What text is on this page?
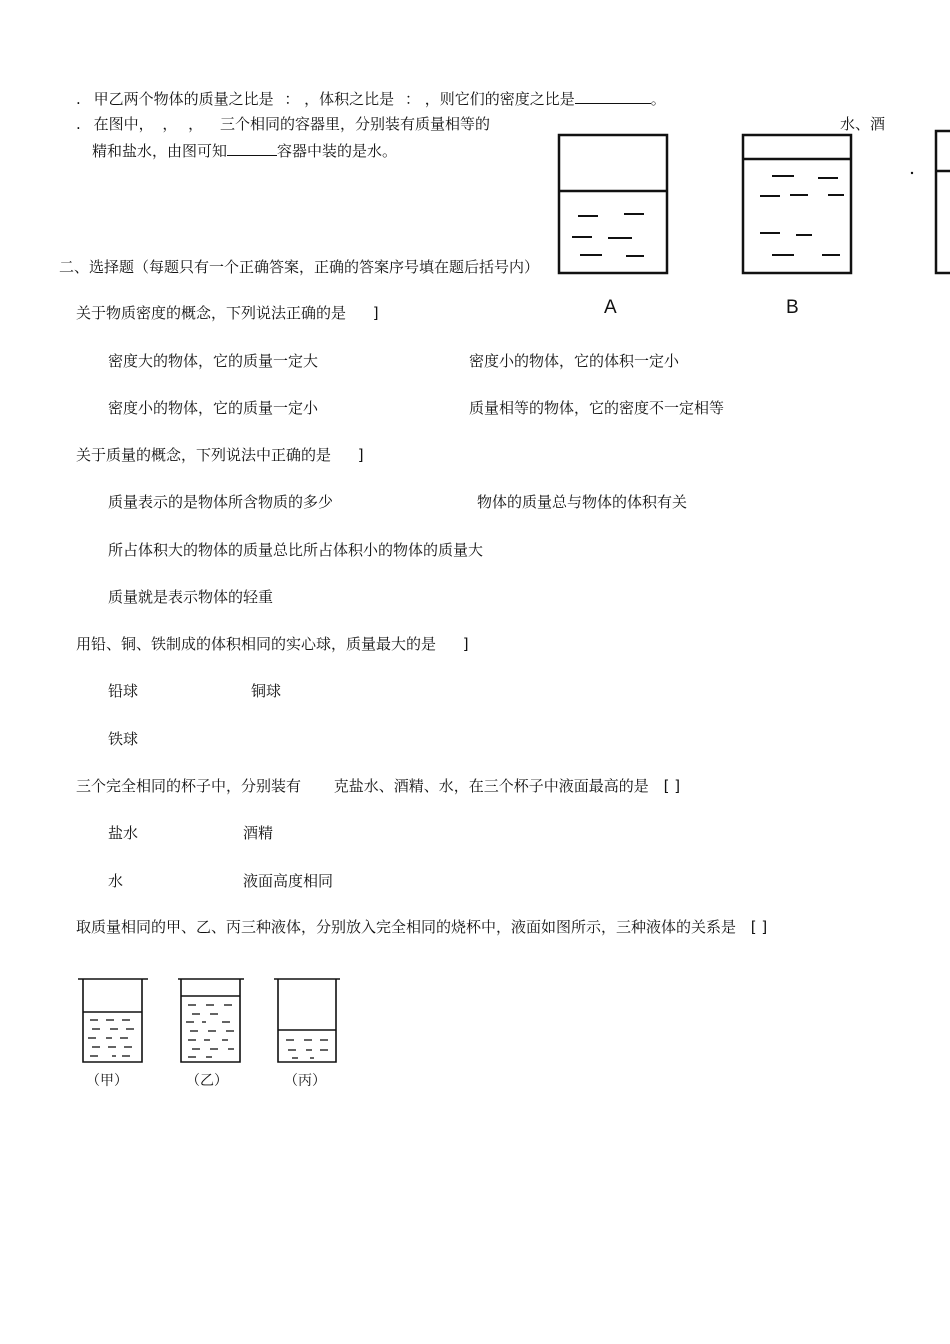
. 甲乙两个物体的质量之比是 ： ，体积之比是 ： ，则它们的密度之比是	。
. 在图中， ， ， 三个相同的容器里，分别装有质量相等的	水、酒
精和盐水，由图可知	容器中装的是水。
A	B
二、选择题（每题只有一个正确答案，正确的答案序号填在题后括号内）
关于物质密度的概念，下列说法正确的是 ]
密度大的物体，它的质量一定大	密度小的物体，它的体积一定小
密度小的物体，它的质量一定小	质量相等的物体，它的密度不一定相等
关于质量的概念，下列说法中正确的是 ]
质量表示的是物体所含物质的多少	物体的质量总与物体的体积有关
所占体积大的物体的质量总比所占体积小的物体的质量大
质量就是表示物体的轻重
用铅、铜、铁制成的体积相同的实心球，质量最大的是 ]
铅球	铜球
铁球
三个完全相同的杯子中，分别装有 克盐水、酒精、水，在三个杯子中液面最高的是 [ ]
盐水	酒精
水	液面高度相同
取质量相同的甲、乙、丙三种液体，分别放入完全相同的烧杯中，液面如图所示，三种液体的关系是 [ ]
（甲）	（乙）	（丙）
